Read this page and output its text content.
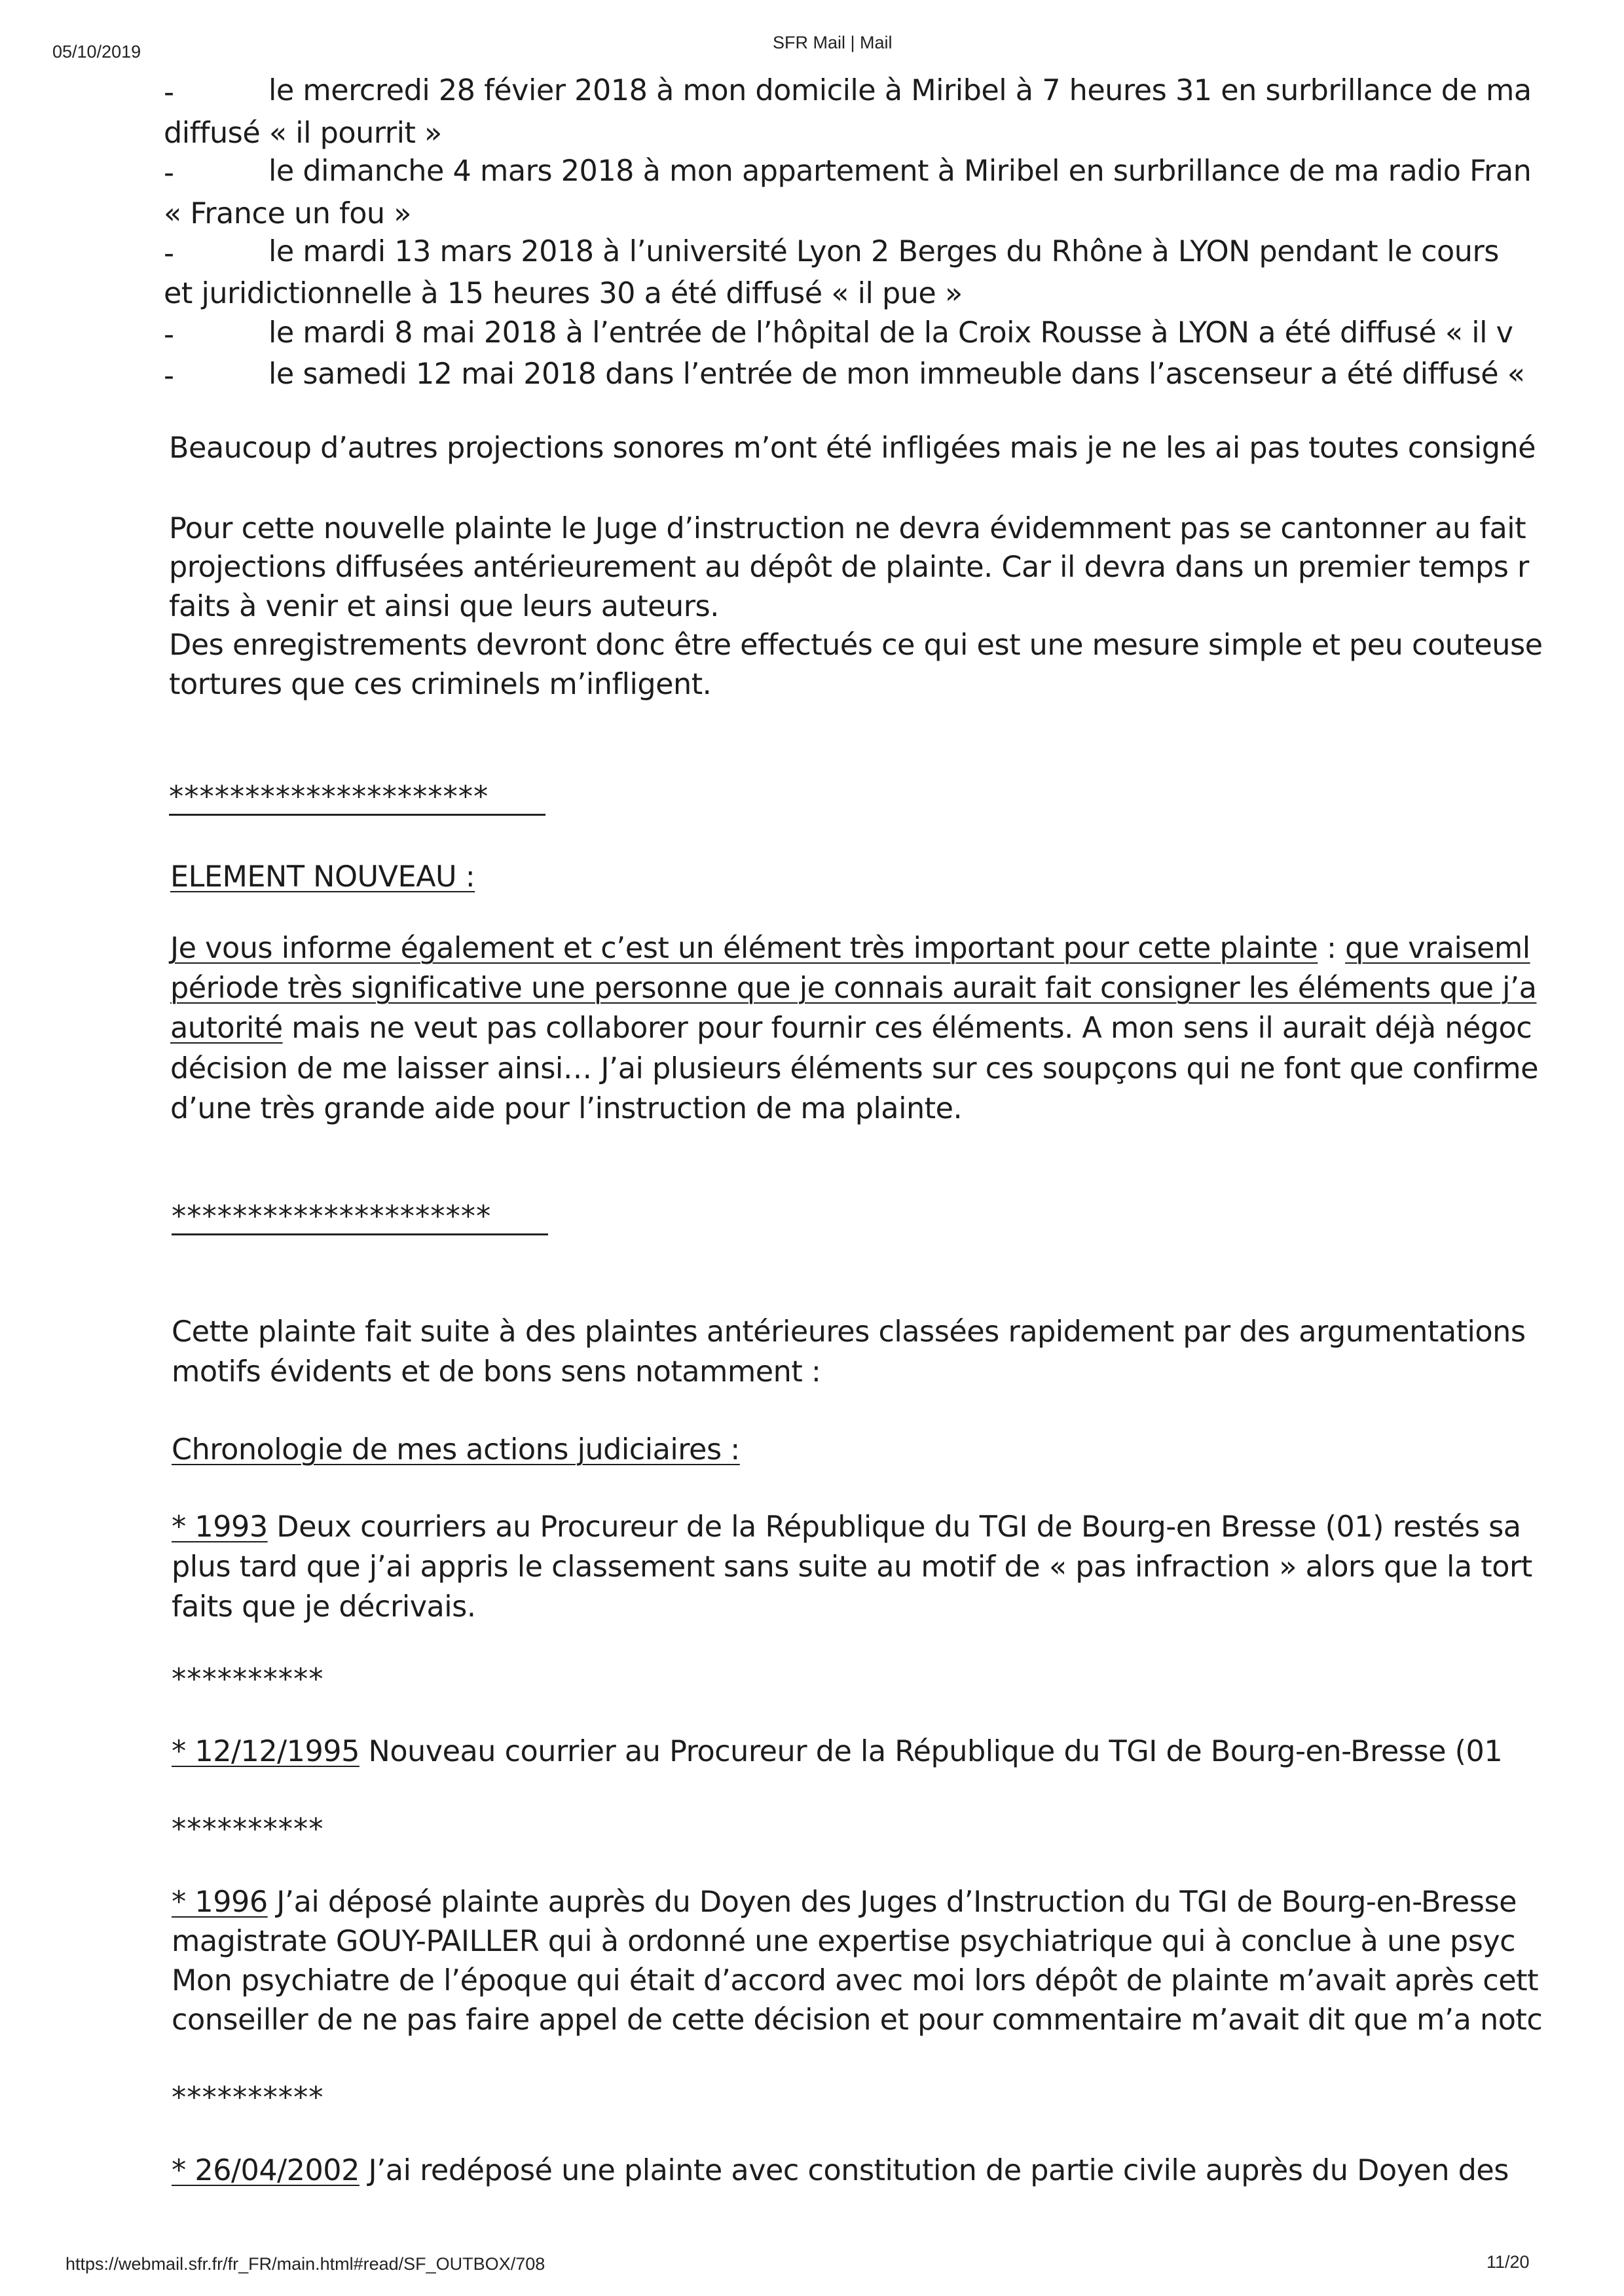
05/10/2019	SFR Mail | Mail
-	le mercredi 28 févier 2018 à mon domicile à Miribel à 7 heures 31 en surbrillance de ma
diffusé « il pourrit »
-	le dimanche 4 mars 2018 à mon appartement à Miribel en surbrillance de ma radio Fran
« France un fou »
-	le mardi 13 mars 2018 à l’université Lyon 2 Berges du Rhône à LYON pendant le cours
et juridictionnelle à 15 heures 30 a été diffusé « il pue »
-	le mardi 8 mai 2018 à l’entrée de l’hôpital de la Croix Rousse à LYON a été diffusé « il v
-	le samedi 12 mai 2018 dans l’entrée de mon immeuble dans l’ascenseur a été diffusé «
Beaucoup d’autres projections sonores m’ont été infligées mais je ne les ai pas toutes consigné
Pour cette nouvelle plainte le Juge d’instruction ne devra évidemment pas se cantonner au fait
projections diffusées antérieurement au dépôt de plainte. Car il devra dans un premier temps r
faits à venir et ainsi que leurs auteurs.
Des enregistrements devront donc être effectués ce qui est une mesure simple et peu couteuse
tortures que ces criminels m’infligent.
*********************
ELEMENT NOUVEAU :
Je vous informe également et c’est un élément très important pour cette plainte : que vraiseml
période très significative une personne que je connais aurait fait consigner les éléments que j’a
autorité mais ne veut pas collaborer pour fournir ces éléments. A mon sens il aurait déjà négoc
décision de me laisser ainsi… J’ai plusieurs éléments sur ces soupçons qui ne font que confirme
d’une très grande aide pour l’instruction de ma plainte.
*********************
Cette plainte fait suite à des plaintes antérieures classées rapidement par des argumentations
motifs évidents et de bons sens notamment :
Chronologie de mes actions judiciaires :
* 1993 Deux courriers au Procureur de la République du TGI de Bourg-en Bresse (01) restés sa
plus tard que j’ai appris le classement sans suite au motif de « pas infraction » alors que la tort
faits que je décrivais.
**********
* 12/12/1995 Nouveau courrier au Procureur de la République du TGI de Bourg-en-Bresse (01
**********
* 1996 J’ai déposé plainte auprès du Doyen des Juges d’Instruction du TGI de Bourg-en-Bresse
magistrate GOUY-PAILLER qui à ordonné une expertise psychiatrique qui à conclue à une psyc
Mon psychiatre de l’époque qui était d’accord avec moi lors dépôt de plainte m’avait après cett
conseiller de ne pas faire appel de cette décision et pour commentaire m’avait dit que m’a notc
**********
* 26/04/2002 J’ai redéposé une plainte avec constitution de partie civile auprès du Doyen des
https://webmail.sfr.fr/fr_FR/main.html#read/SF_OUTBOX/708	11/20
